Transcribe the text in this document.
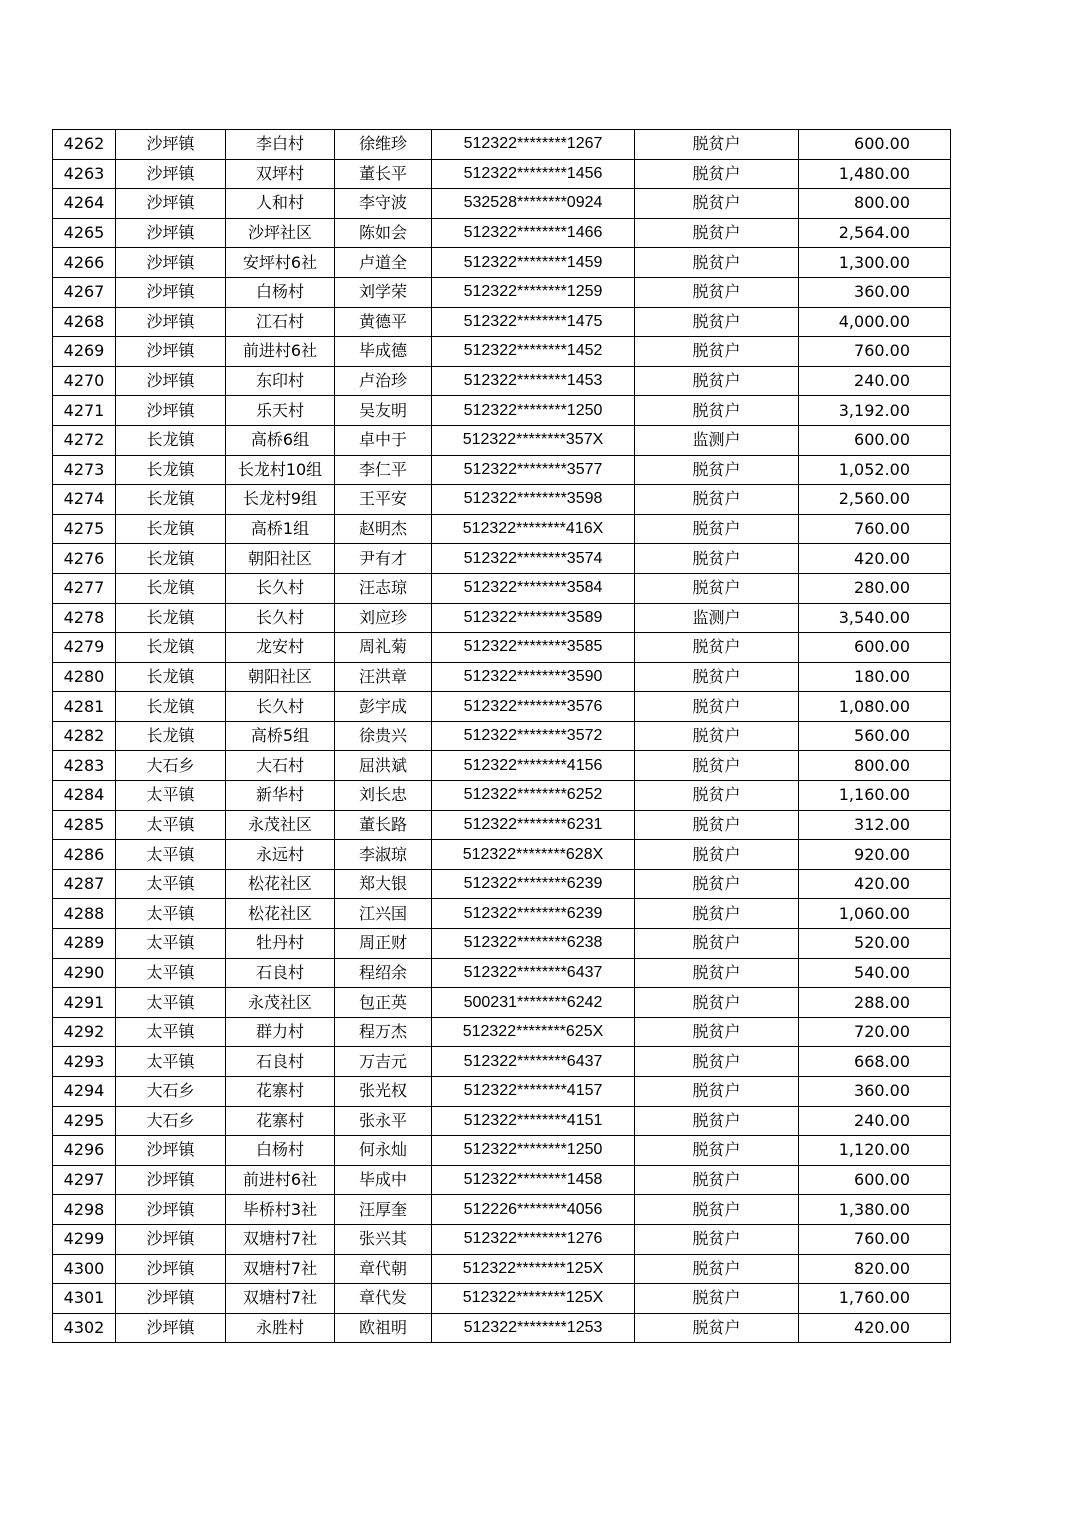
4262	沙坪镇	李白村	徐维珍	512322********1267	脱贫户	600.00
4263	沙坪镇	双坪村	董长平	512322********1456	脱贫户	1,480.00
4264	沙坪镇	人和村	李守波	532528********0924	脱贫户	800.00
4265	沙坪镇	沙坪社区	陈如会	512322********1466	脱贫户	2,564.00
4266	沙坪镇	安坪村6社	卢道全	512322********1459	脱贫户	1,300.00
4267	沙坪镇	白杨村	刘学荣	512322********1259	脱贫户	360.00
4268	沙坪镇	江石村	黄德平	512322********1475	脱贫户	4,000.00
4269	沙坪镇	前进村6社	毕成德	512322********1452	脱贫户	760.00
4270	沙坪镇	东印村	卢治珍	512322********1453	脱贫户	240.00
4271	沙坪镇	乐天村	吴友明	512322********1250	脱贫户	3,192.00
4272	长龙镇	高桥6组	卓中于	512322********357X	监测户	600.00
4273	长龙镇	长龙村10组	李仁平	512322********3577	脱贫户	1,052.00
4274	长龙镇	长龙村9组	王平安	512322********3598	脱贫户	2,560.00
4275	长龙镇	高桥1组	赵明杰	512322********416X	脱贫户	760.00
4276	长龙镇	朝阳社区	尹有才	512322********3574	脱贫户	420.00
4277	长龙镇	长久村	汪志琼	512322********3584	脱贫户	280.00
4278	长龙镇	长久村	刘应珍	512322********3589	监测户	3,540.00
4279	长龙镇	龙安村	周礼菊	512322********3585	脱贫户	600.00
4280	长龙镇	朝阳社区	汪洪章	512322********3590	脱贫户	180.00
4281	长龙镇	长久村	彭宇成	512322********3576	脱贫户	1,080.00
4282	长龙镇	高桥5组	徐贵兴	512322********3572	脱贫户	560.00
4283	大石乡	大石村	屈洪斌	512322********4156	脱贫户	800.00
4284	太平镇	新华村	刘长忠	512322********6252	脱贫户	1,160.00
4285	太平镇	永茂社区	董长路	512322********6231	脱贫户	312.00
4286	太平镇	永远村	李淑琼	512322********628X	脱贫户	920.00
4287	太平镇	松花社区	郑大银	512322********6239	脱贫户	420.00
4288	太平镇	松花社区	江兴国	512322********6239	脱贫户	1,060.00
4289	太平镇	牡丹村	周正财	512322********6238	脱贫户	520.00
4290	太平镇	石良村	程绍余	512322********6437	脱贫户	540.00
4291	太平镇	永茂社区	包正英	500231********6242	脱贫户	288.00
4292	太平镇	群力村	程万杰	512322********625X	脱贫户	720.00
4293	太平镇	石良村	万吉元	512322********6437	脱贫户	668.00
4294	大石乡	花寨村	张光权	512322********4157	脱贫户	360.00
4295	大石乡	花寨村	张永平	512322********4151	脱贫户	240.00
4296	沙坪镇	白杨村	何永灿	512322********1250	脱贫户	1,120.00
4297	沙坪镇	前进村6社	毕成中	512322********1458	脱贫户	600.00
4298	沙坪镇	毕桥村3社	汪厚奎	512226********4056	脱贫户	1,380.00
4299	沙坪镇	双塘村7社	张兴其	512322********1276	脱贫户	760.00
4300	沙坪镇	双塘村7社	章代朝	512322********125X	脱贫户	820.00
4301	沙坪镇	双塘村7社	章代发	512322********125X	脱贫户	1,760.00
4302	沙坪镇	永胜村	欧祖明	512322********1253	脱贫户	420.00
